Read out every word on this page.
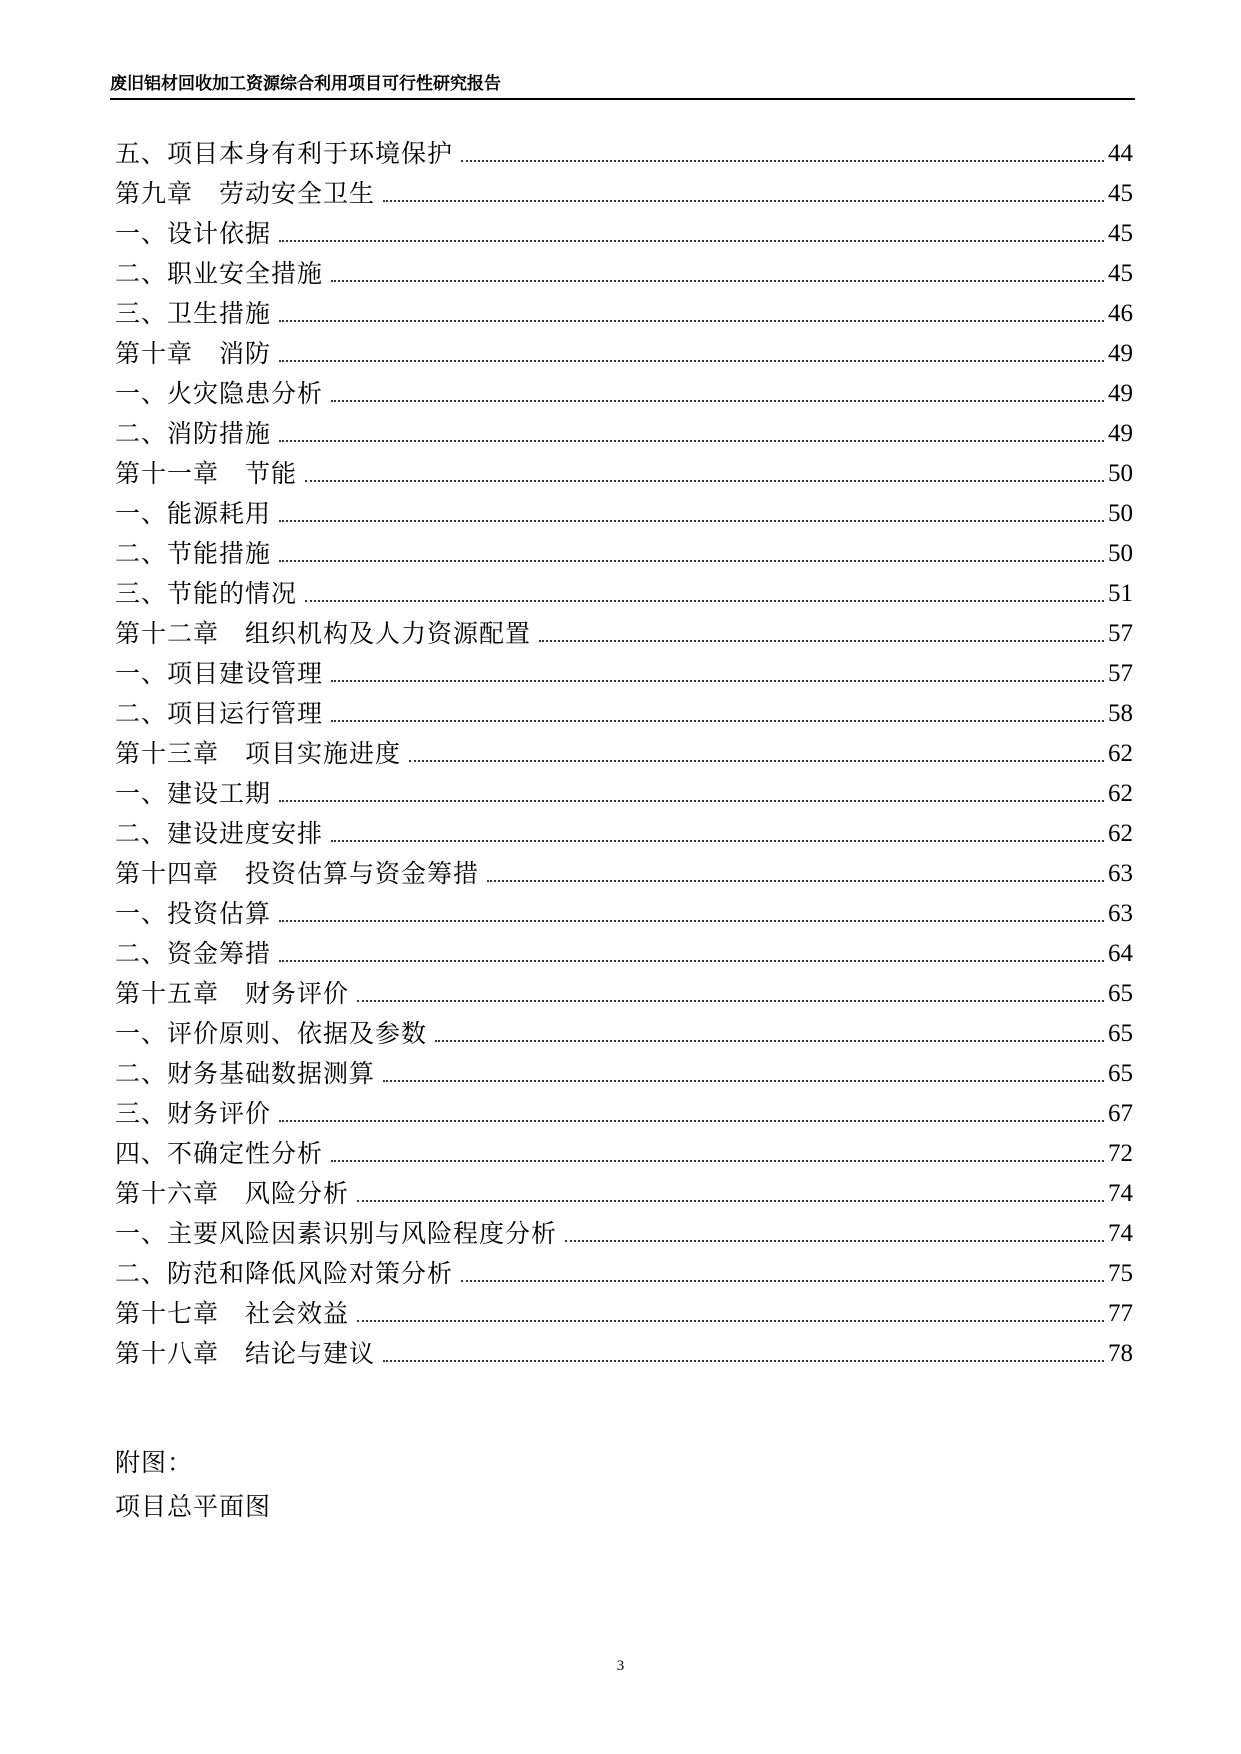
废旧铝材回收加工资源综合利用项目可行性研究报告
五、项目本身有利于环境保护	44
第九章　劳动安全卫生	45
一、设计依据	45
二、职业安全措施	45
三、卫生措施	46
第十章　消防	49
一、火灾隐患分析	49
二、消防措施	49
第十一章　节能	50
一、能源耗用	50
二、节能措施	50
三、节能的情况	51
第十二章　组织机构及人力资源配置	57
一、项目建设管理	57
二、项目运行管理	58
第十三章　项目实施进度	62
一、建设工期	62
二、建设进度安排	62
第十四章　投资估算与资金筹措	63
一、投资估算	63
二、资金筹措	64
第十五章　财务评价	65
一、评价原则、依据及参数	65
二、财务基础数据测算	65
三、财务评价	67
四、不确定性分析	72
第十六章　风险分析	74
一、主要风险因素识别与风险程度分析	74
二、防范和降低风险对策分析	75
第十七章　社会效益	77
第十八章　结论与建议	78
附图：
项目总平面图
3
